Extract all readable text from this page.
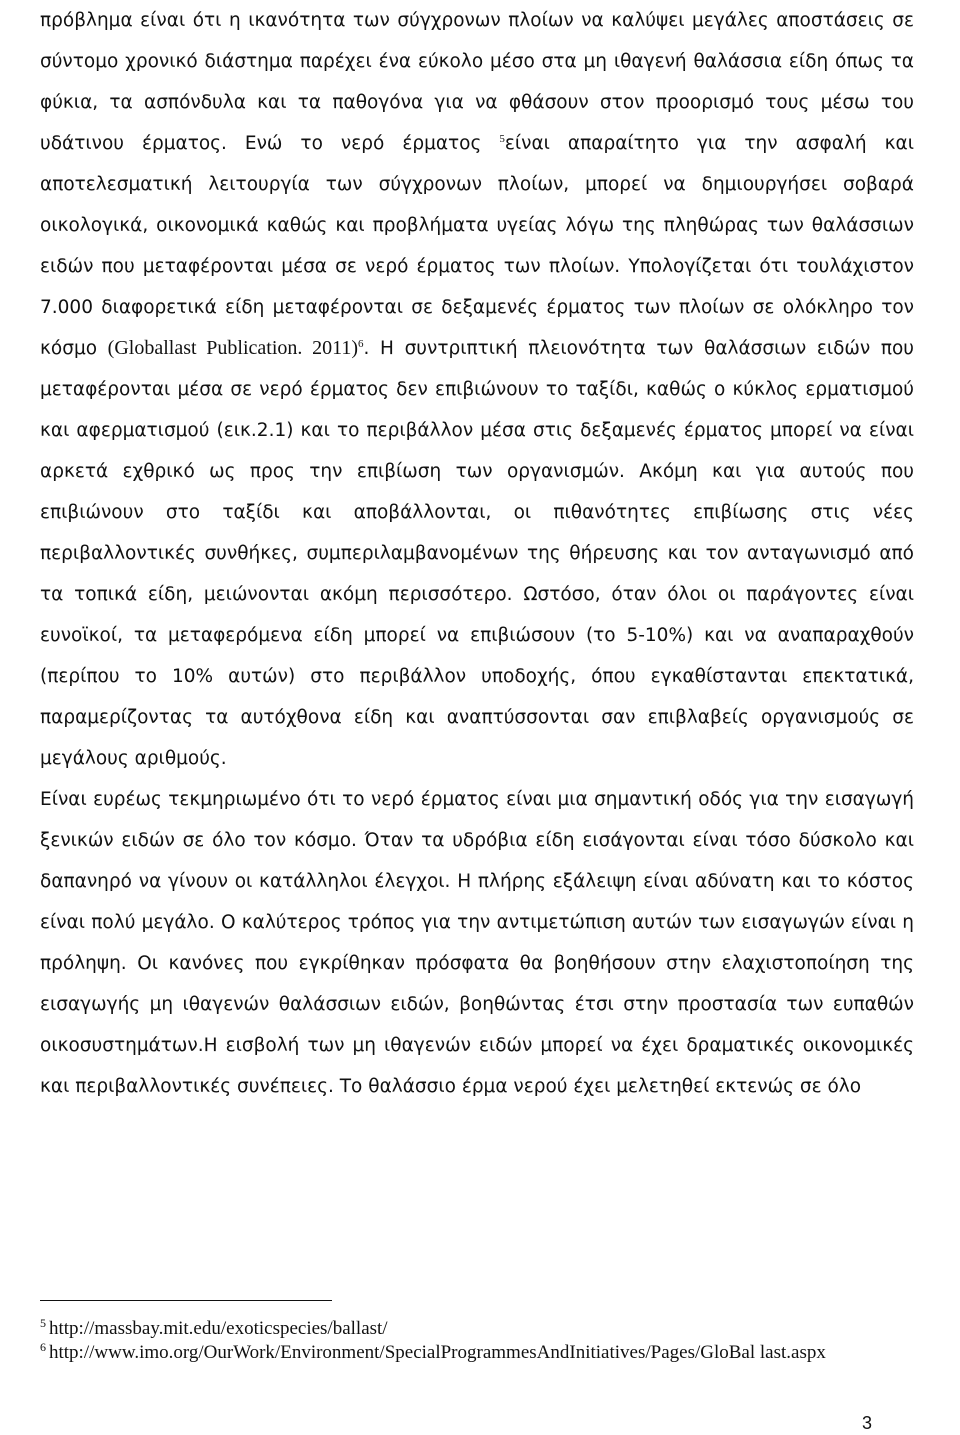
πρόβλημα είναι ότι η ικανότητα των σύγχρονων πλοίων να καλύψει μεγάλες αποστάσεις σε σύντομο χρονικό διάστημα παρέχει ένα εύκολο μέσο στα μη ιθαγενή θαλάσσια είδη όπως τα φύκια, τα ασπόνδυλα και τα παθογόνα για να φθάσουν στον προορισμό τους μέσω του υδάτινου έρματος. Ενώ το νερό έρματος $^5$είναι απαραίτητο για την ασφαλή και αποτελεσματική λειτουργία των σύγχρονων πλοίων, μπορεί να δημιουργήσει σοβαρά οικολογικά, οικονομικά καθώς και προβλήματα υγείας λόγω της πληθώρας των θαλάσσιων ειδών που μεταφέρονται μέσα σε νερό έρματος των πλοίων. Υπολογίζεται ότι τουλάχιστον 7.000 διαφορετικά είδη μεταφέρονται σε δεξαμενές έρματος των πλοίων σε ολόκληρο τον κόσμο (Globallast Publication. 2011)$^6$. Η συντριπτική πλειονότητα των θαλάσσιων ειδών που μεταφέρονται μέσα σε νερό έρματος δεν επιβιώνουν το ταξίδι, καθώς ο κύκλος ερματισμού και αφερματισμού (εικ.2.1) και το περιβάλλον μέσα στις δεξαμενές έρματος μπορεί να είναι αρκετά εχθρικό ως προς την επιβίωση των οργανισμών. Ακόμη και για αυτούς που επιβιώνουν στο ταξίδι και αποβάλλονται, οι πιθανότητες επιβίωσης στις νέες περιβαλλοντικές συνθήκες, συμπεριλαμβανομένων της θήρευσης και τον ανταγωνισμό από τα τοπικά είδη, μειώνονται ακόμη περισσότερο. Ωστόσο, όταν όλοι οι παράγοντες είναι ευνοϊκοί, τα μεταφερόμενα είδη μπορεί να επιβιώσουν (το 5-10%) και να αναπαραχθούν (περίπου το 10% αυτών) στο περιβάλλον υποδοχής, όπου εγκαθίστανται επεκτατικά, παραμερίζοντας τα αυτόχθονα είδη και αναπτύσσονται σαν επιβλαβείς οργανισμούς σε μεγάλους αριθμούς.

Είναι ευρέως τεκμηριωμένο ότι το νερό έρματος είναι μια σημαντική οδός για την εισαγωγή ξενικών ειδών σε όλο τον κόσμο. Όταν τα υδρόβια είδη εισάγονται είναι τόσο δύσκολο και δαπανηρό να γίνουν οι κατάλληλοι έλεγχοι. Η πλήρης εξάλειψη είναι αδύνατη και το κόστος είναι πολύ μεγάλο. Ο καλύτερος τρόπος για την αντιμετώπιση αυτών των εισαγωγών είναι η πρόληψη. Οι κανόνες που εγκρίθηκαν πρόσφατα θα βοηθήσουν στην ελαχιστοποίηση της εισαγωγής μη ιθαγενών θαλάσσιων ειδών, βοηθώντας έτσι στην προστασία των ευπαθών οικοσυστημάτων.Η εισβολή των μη ιθαγενών ειδών μπορεί να έχει δραματικές οικονομικές και περιβαλλοντικές συνέπειες. Το θαλάσσιο έρμα νερού έχει μελετηθεί εκτενώς σε όλο

$^5$ http://massbay.mit.edu/exoticspecies/ballast/
$^6$ http://www.imo.org/OurWork/Environment/SpecialProgrammesAndInitiatives/Pages/GloBal last.aspx
3
